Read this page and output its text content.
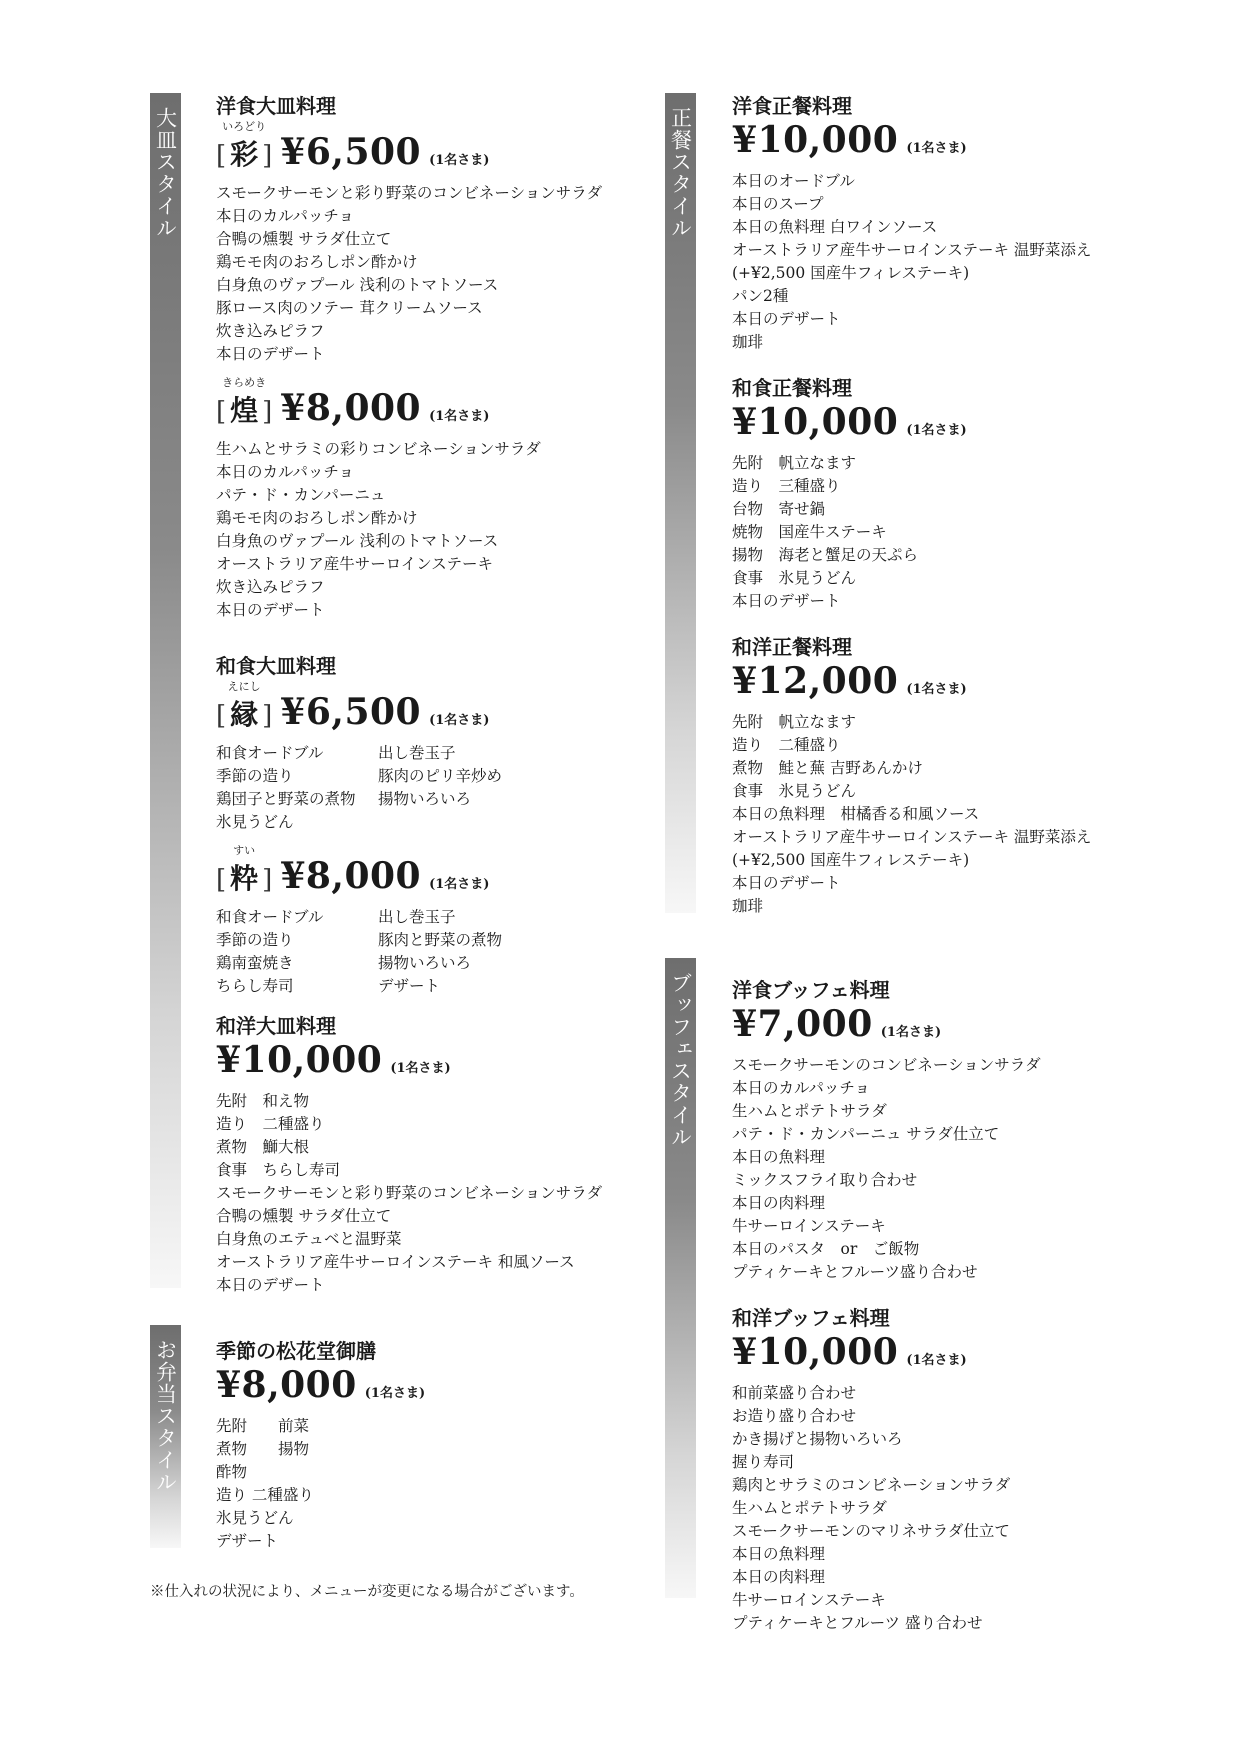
大皿スタイル
お弁当スタイル
正餐スタイル
ブッフェスタイル
洋食大皿料理
[
いろどり
彩 ] ¥6,500 (1名さま)
スモークサーモンと彩り野菜のコンビネーションサラダ
本日のカルパッチョ
合鴨の燻製 サラダ仕立て
鶏モモ肉のおろしポン酢かけ
白身魚のヴァプール 浅利のトマトソース
豚ロース肉のソテー 茸クリームソース
炊き込みピラフ
本日のデザート
[
きらめき
煌 ] ¥8,000 (1名さま)
生ハムとサラミの彩りコンビネーションサラダ
本日のカルパッチョ
パテ・ド・カンパーニュ
鶏モモ肉のおろしポン酢かけ
白身魚のヴァプール 浅利のトマトソース
オーストラリア産牛サーロインステーキ
炊き込みピラフ
本日のデザート
和食大皿料理
[
えにし
縁 ] ¥6,500 (1名さま)
和食オードブル	出し巻玉子
季節の造り	豚肉のピリ辛炒め
鶏団子と野菜の煮物	揚物いろいろ
氷見うどん
[
すい
粋 ] ¥8,000 (1名さま)
和食オードブル	出し巻玉子
季節の造り	豚肉と野菜の煮物
鶏南蛮焼き	揚物いろいろ
ちらし寿司	デザート
和洋大皿料理
¥10,000 (1名さま)
先附　和え物
造り　二種盛り
煮物　鰤大根
食事　ちらし寿司
スモークサーモンと彩り野菜のコンビネーションサラダ
合鴨の燻製 サラダ仕立て
白身魚のエテュベと温野菜
オーストラリア産牛サーロインステーキ 和風ソース
本日のデザート
季節の松花堂御膳
¥8,000 (1名さま)
先附　　前菜
煮物　　揚物
酢物
造り 二種盛り
氷見うどん
デザート
※仕入れの状況により、メニューが変更になる場合がございます。
洋食正餐料理
¥10,000 (1名さま)
本日のオードブル
本日のスープ
本日の魚料理 白ワインソース
オーストラリア産牛サーロインステーキ 温野菜添え
(+¥2,500 国産牛フィレステーキ)
パン2種
本日のデザート
珈琲
和食正餐料理
¥10,000 (1名さま)
先附　帆立なます
造り　三種盛り
台物　寄せ鍋
焼物　国産牛ステーキ
揚物　海老と蟹足の天ぷら
食事　氷見うどん
本日のデザート
和洋正餐料理
¥12,000 (1名さま)
先附　帆立なます
造り　二種盛り
煮物　鮭と蕪 吉野あんかけ
食事　氷見うどん
本日の魚料理　柑橘香る和風ソース
オーストラリア産牛サーロインステーキ 温野菜添え
(+¥2,500 国産牛フィレステーキ)
本日のデザート
珈琲
洋食ブッフェ料理
¥7,000 (1名さま)
スモークサーモンのコンビネーションサラダ
本日のカルパッチョ
生ハムとポテトサラダ
パテ・ド・カンパーニュ サラダ仕立て
本日の魚料理
ミックスフライ取り合わせ
本日の肉料理
牛サーロインステーキ
本日のパスタ　or　ご飯物
プティケーキとフルーツ盛り合わせ
和洋ブッフェ料理
¥10,000 (1名さま)
和前菜盛り合わせ
お造り盛り合わせ
かき揚げと揚物いろいろ
握り寿司
鶏肉とサラミのコンビネーションサラダ
生ハムとポテトサラダ
スモークサーモンのマリネサラダ仕立て
本日の魚料理
本日の肉料理
牛サーロインステーキ
プティケーキとフルーツ 盛り合わせ
